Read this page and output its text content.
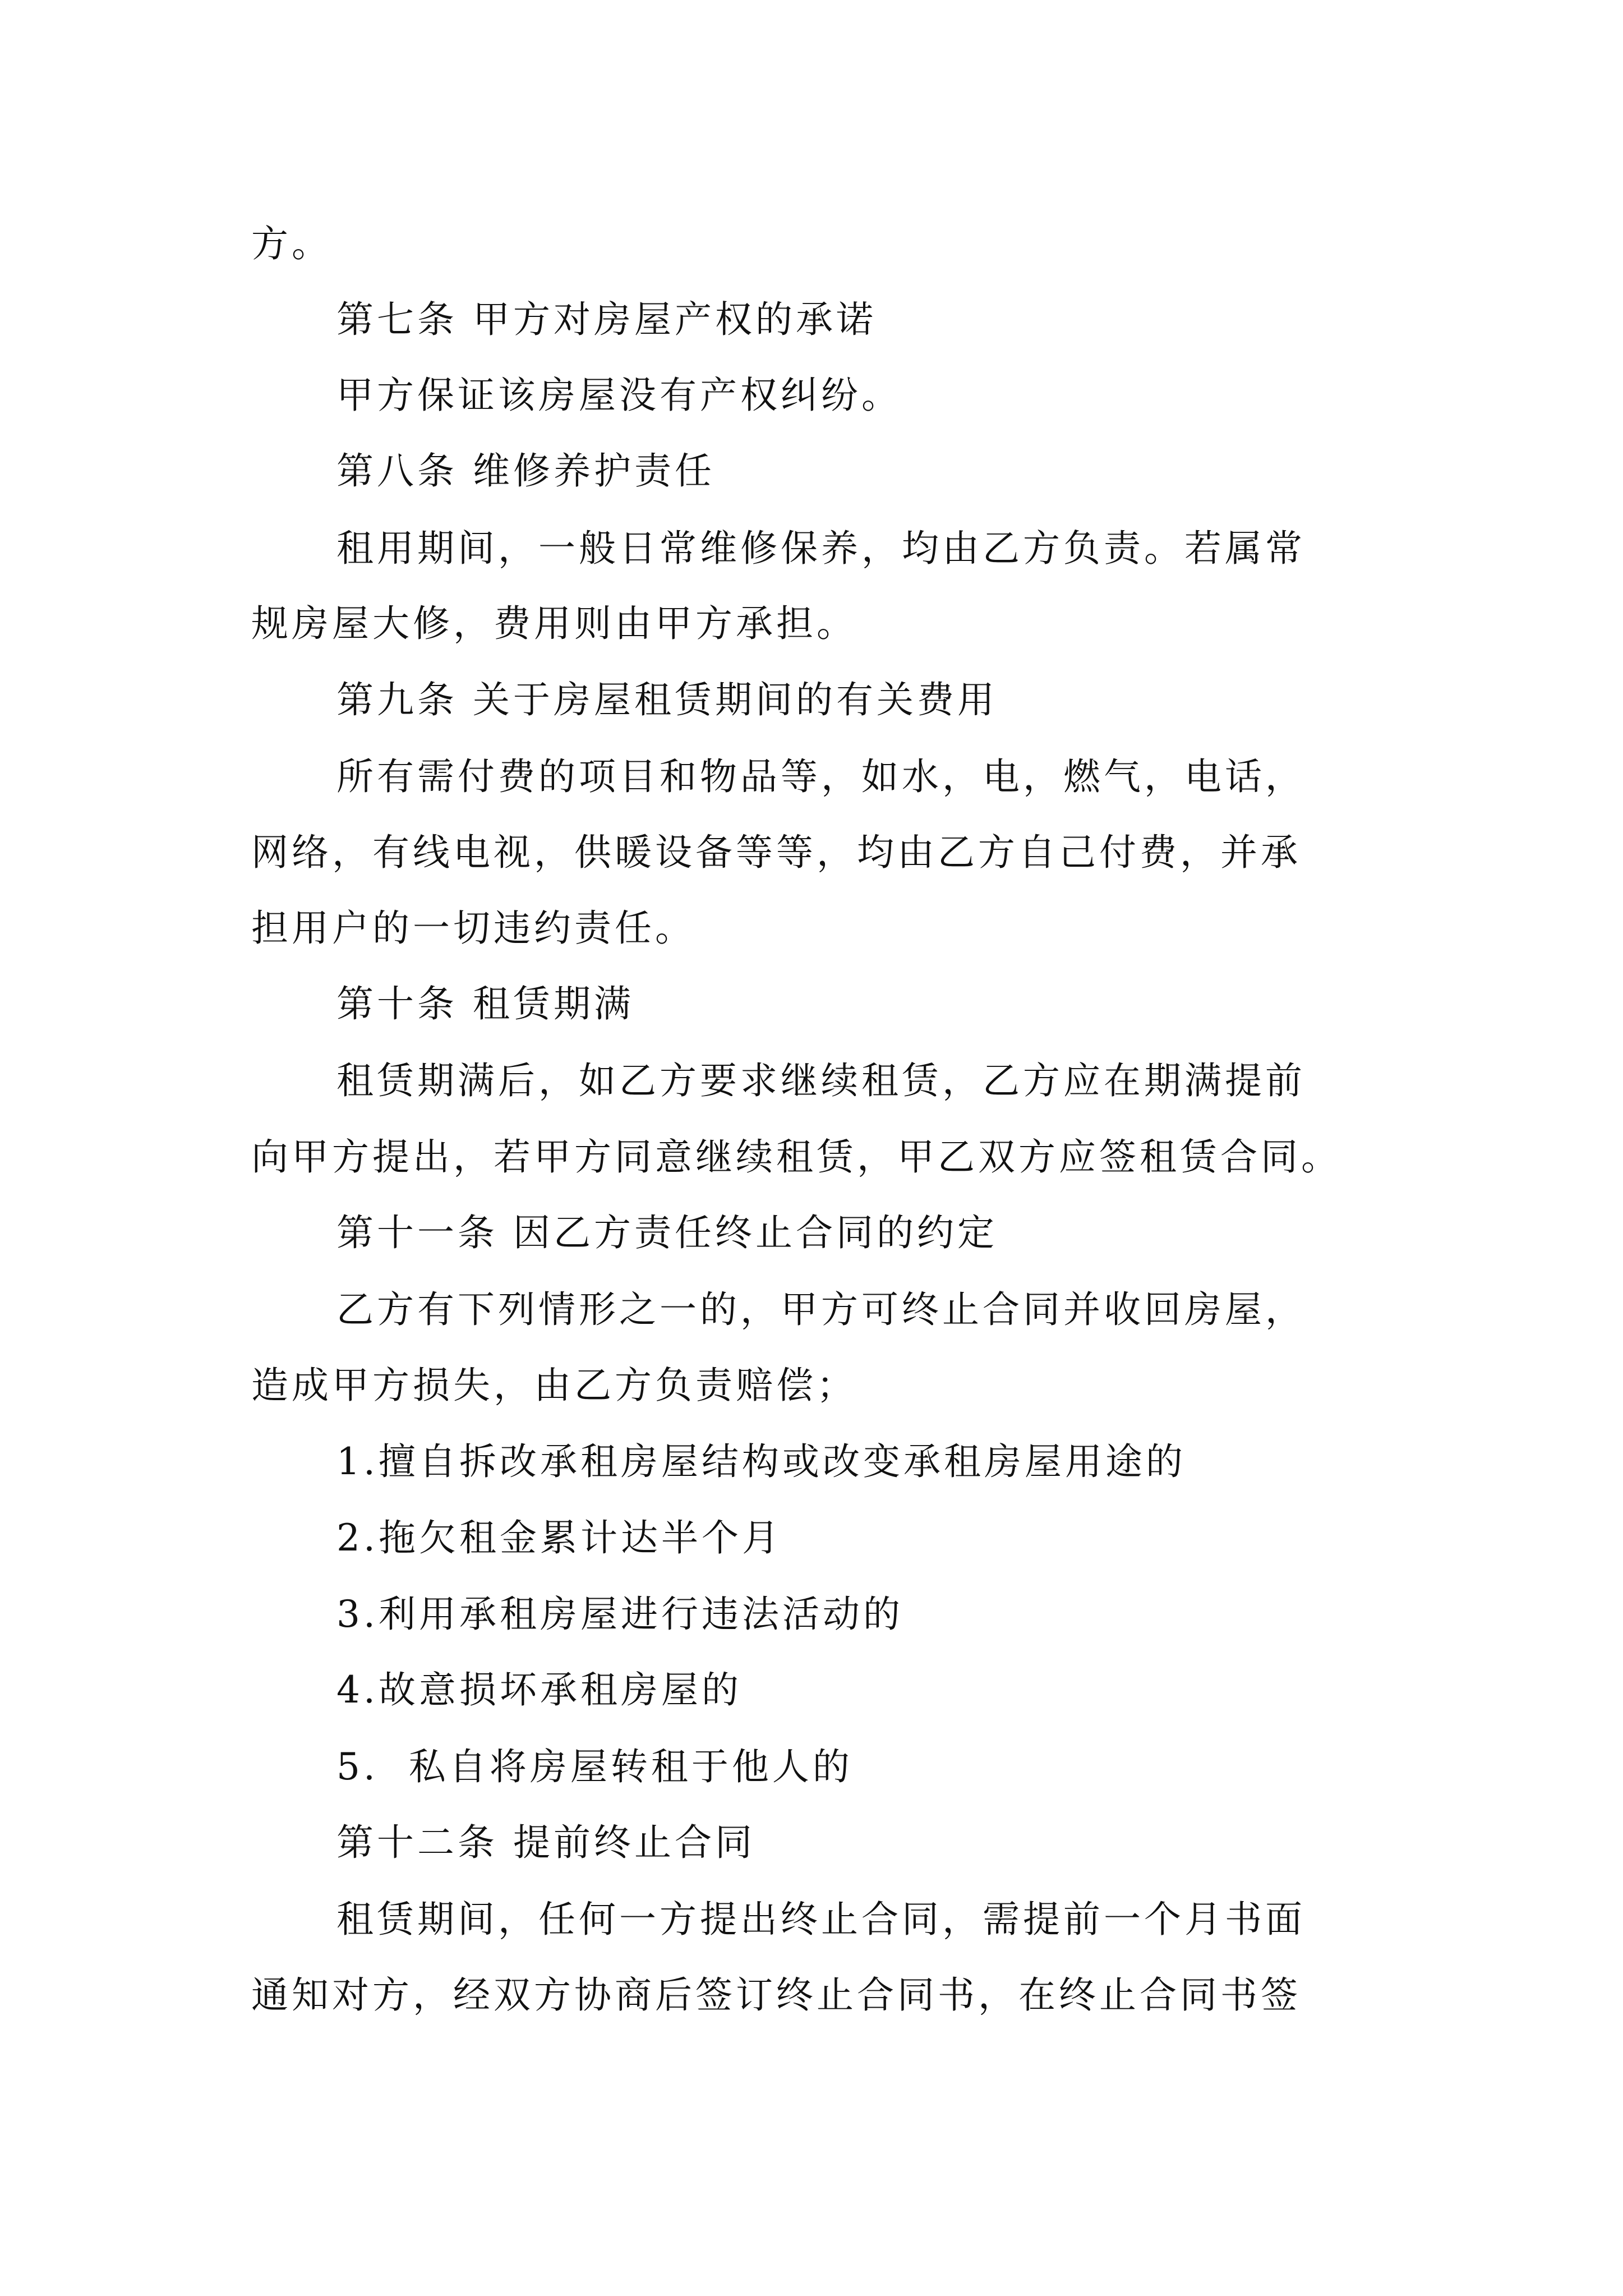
方。
第七条 甲方对房屋产权的承诺
甲方保证该房屋没有产权纠纷。
第八条 维修养护责任
租用期间，一般日常维修保养，均由乙方负责。若属常
规房屋大修，费用则由甲方承担。
第九条 关于房屋租赁期间的有关费用
所有需付费的项目和物品等，如水，电，燃气，电话，
网络，有线电视，供暖设备等等，均由乙方自己付费，并承
担用户的一切违约责任。
第十条 租赁期满
租赁期满后，如乙方要求继续租赁，乙方应在期满提前
向甲方提出，若甲方同意继续租赁，甲乙双方应签租赁合同。
第十一条 因乙方责任终止合同的约定
乙方有下列情形之一的，甲方可终止合同并收回房屋，
造成甲方损失，由乙方负责赔偿；
1.擅自拆改承租房屋结构或改变承租房屋用途的
2.拖欠租金累计达半个月
3.利用承租房屋进行违法活动的
4.故意损坏承租房屋的
5.  私自将房屋转租于他人的
第十二条 提前终止合同
租赁期间，任何一方提出终止合同，需提前一个月书面
通知对方，经双方协商后签订终止合同书，在终止合同书签
